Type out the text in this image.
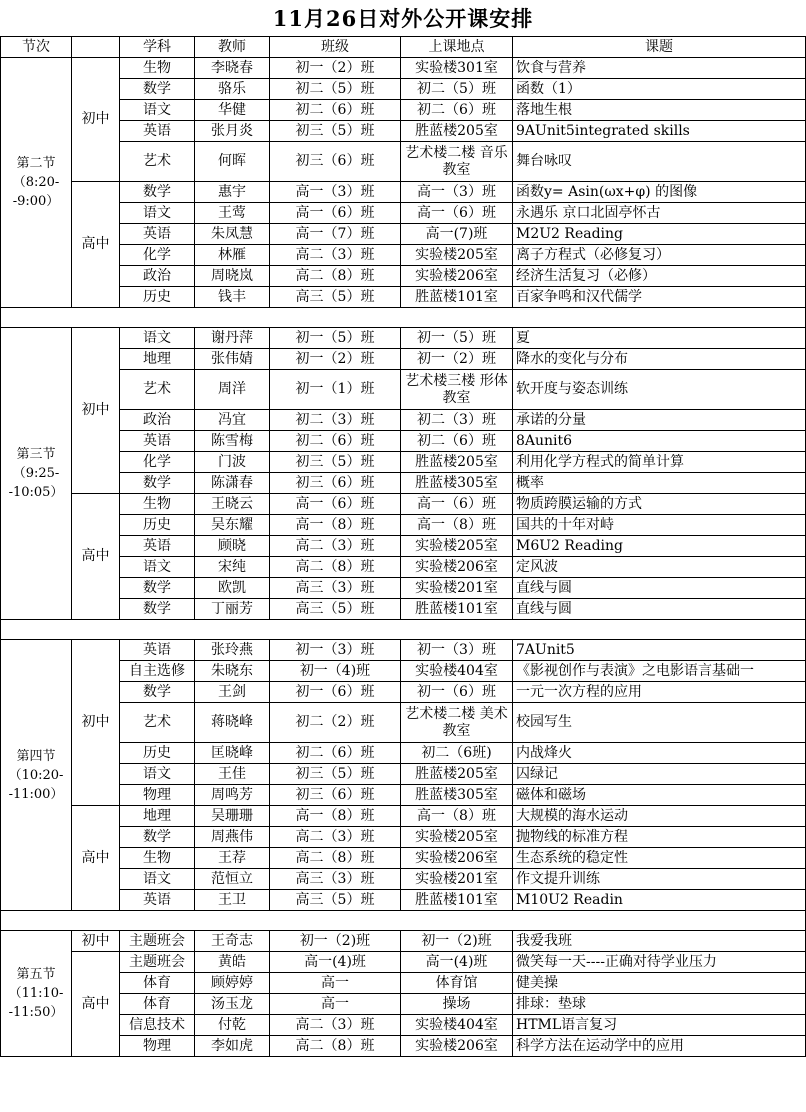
11月26日对外公开课安排
节次		学科	教师	班级	上课地点	课题

第二节
（8:20--9:00）	初中	生物	李晓春	初一（2）班	实验楼301室	饮食与营养
		数学	骆乐	初二（5）班	初二（5）班	函数（1）
		语文	华健	初二（6）班	初二（6）班	落地生根
		英语	张月炎	初三（5）班	胜蓝楼205室	9AUnit5integrated skills
		艺术	何晖	初三（6）班	艺术楼二楼 音乐教室	舞台咏叹
	高中	数学	惠宇	高一（3）班	高一（3）班	函数y= Asin(ωx+φ) 的图像
		语文	王莺	高一（6）班	高一（6）班	永遇乐 京口北固亭怀古
		英语	朱凤慧	高一（7）班	高一(7)班	M2U2 Reading
		化学	林雁	高二（3）班	实验楼205室	离子方程式（必修复习）
		政治	周晓岚	高二（8）班	实验楼206室	经济生活复习（必修）
		历史	钱丰	高三（5）班	胜蓝楼101室	百家争鸣和汉代儒学

第三节
（9:25--10:05）	初中	语文	谢丹萍	初一（5）班	初一（5）班	夏
		地理	张伟婧	初一（2）班	初一（2）班	降水的变化与分布
		艺术	周洋	初一（1）班	艺术楼三楼 形体教室	软开度与姿态训练
		政治	冯宜	初二（3）班	初二（3）班	承诺的分量
		英语	陈雪梅	初二（6）班	初二（6）班	8Aunit6
		化学	门波	初三（5）班	胜蓝楼205室	利用化学方程式的简单计算
		数学	陈潇春	初三（6）班	胜蓝楼305室	概率
	高中	生物	王晓云	高一（6）班	高一（6）班	物质跨膜运输的方式
		历史	吴东耀	高一（8）班	高一（8）班	国共的十年对峙
		英语	顾晓	高二（3）班	实验楼205室	M6U2 Reading
		语文	宋纯	高二（8）班	实验楼206室	定风波
		数学	欧凯	高三（3）班	实验楼201室	直线与圆
		数学	丁丽芳	高三（5）班	胜蓝楼101室	直线与圆

第四节
（10:20--11:00）	初中	英语	张玲燕	初一（3）班	初一（3）班	7AUnit5
		自主选修	朱晓东	初一（4)班	实验楼404室	《影视创作与表演》之电影语言基础一
		数学	王剑	初一（6）班	初一（6）班	一元一次方程的应用
		艺术	蒋晓峰	初二（2）班	艺术楼二楼 美术教室	校园写生
		历史	匡晓峰	初二（6）班	初二（6班)	内战烽火
		语文	王佳	初三（5）班	胜蓝楼205室	囚绿记
		物理	周鸣芳	初三（6）班	胜蓝楼305室	磁体和磁场
	高中	地理	吴珊珊	高一（8）班	高一（8）班	大规模的海水运动
		数学	周燕伟	高二（3）班	实验楼205室	抛物线的标准方程
		生物	王荐	高二（8）班	实验楼206室	生态系统的稳定性
		语文	范恒立	高三（3）班	实验楼201室	作文提升训练
		英语	王卫	高三（5）班	胜蓝楼101室	M10U2 Readin

第五节
（11:10--11:50）	初中	主题班会	王奇志	初一（2)班	初一（2)班	我爱我班
	高中	主题班会	黄皓	高一(4)班	高一(4)班	微笑每一天----正确对待学业压力
		体育	顾婷婷	高一	体育馆	健美操
		体育	汤玉龙	高一	操场	排球：垫球
		信息技术	付乾	高二（3）班	实验楼404室	HTML语言复习
		物理	李如虎	高二（8）班	实验楼206室	科学方法在运动学中的应用
